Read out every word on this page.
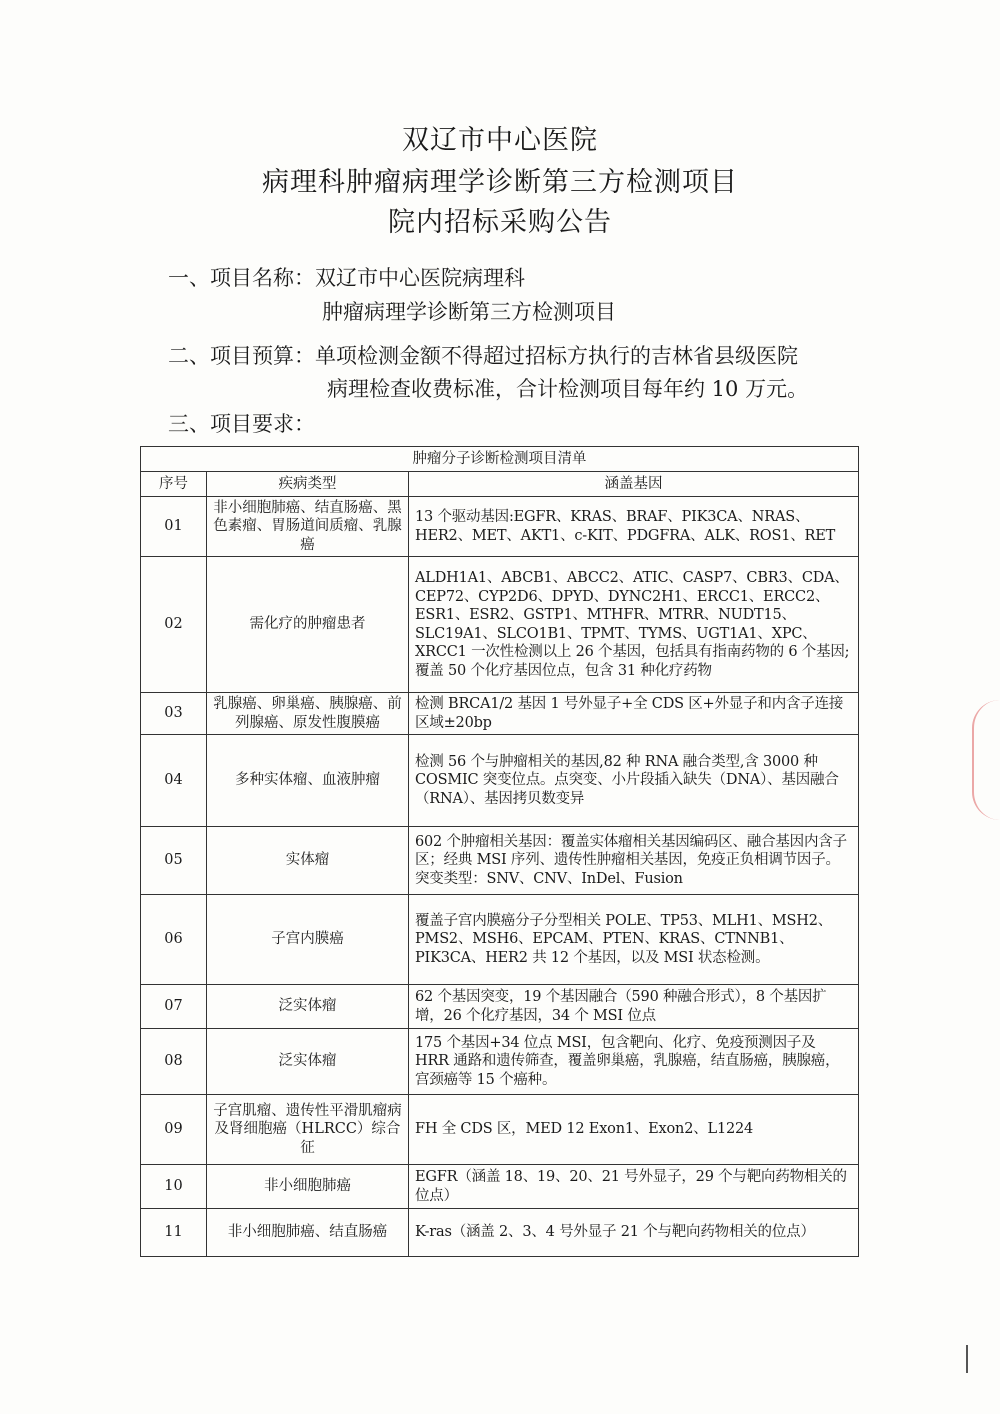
双辽市中心医院
病理科肿瘤病理学诊断第三方检测项目
院内招标采购公告
一、项目名称：双辽市中心医院病理科
肿瘤病理学诊断第三方检测项目
二、项目预算：单项检测金额不得超过招标方执行的吉林省县级医院
病理检查收费标准，合计检测项目每年约 10 万元。
三、项目要求：
肿瘤分子诊断检测项目清单		
序号	疾病类型	涵盖基因
01	非小细胞肺癌、结直肠癌、黑色素瘤、胃肠道间质瘤、乳腺癌	13 个驱动基因:EGFR、KRAS、BRAF、PIK3CA、NRAS、HER2、MET、AKT1、c-KIT、PDGFRA、ALK、ROS1、RET
02	需化疗的肿瘤患者	ALDH1A1、ABCB1、ABCC2、ATIC、CASP7、CBR3、CDA、CEP72、CYP2D6、DPYD、DYNC2H1、ERCC1、ERCC2、ESR1、ESR2、GSTP1、MTHFR、MTRR、NUDT15、SLC19A1、SLCO1B1、TPMT、TYMS、UGT1A1、XPC、XRCC1 一次性检测以上 26 个基因，包括具有指南药物的 6 个基因;覆盖 50 个化疗基因位点，包含 31 种化疗药物
03	乳腺癌、卵巢癌、胰腺癌、前列腺癌、原发性腹膜癌	检测 BRCA1/2 基因 1 号外显子+全 CDS 区+外显子和内含子连接区域±20bp
04	多种实体瘤、血液肿瘤	检测 56 个与肿瘤相关的基因,82 种 RNA 融合类型,含 3000 种 COSMIC 突变位点。点突变、小片段插入缺失（DNA）、基因融合（RNA）、基因拷贝数变异
05	实体瘤	602 个肿瘤相关基因：覆盖实体瘤相关基因编码区、融合基因内含子区；经典 MSI 序列、遗传性肿瘤相关基因，免疫正负相调节因子。突变类型：SNV、CNV、InDel、Fusion
06	子宫内膜癌	覆盖子宫内膜癌分子分型相关 POLE、TP53、MLH1、MSH2、PMS2、MSH6、EPCAM、PTEN、KRAS、CTNNB1、PIK3CA、HER2 共 12 个基因，以及 MSI 状态检测。
07	泛实体瘤	62 个基因突变，19 个基因融合（590 种融合形式），8 个基因扩增，26 个化疗基因，34 个 MSI 位点
08	泛实体瘤	175 个基因+34 位点 MSI，包含靶向、化疗、免疫预测因子及 HRR 通路和遗传筛查，覆盖卵巢癌，乳腺癌，结直肠癌，胰腺癌，宫颈癌等 15 个癌种。
09	子宫肌瘤、遗传性平滑肌瘤病及肾细胞癌（HLRCC）综合征	FH 全 CDS 区，MED 12 Exon1、Exon2、L1224
10	非小细胞肺癌	EGFR（涵盖 18、19、20、21 号外显子，29 个与靶向药物相关的位点）
11	非小细胞肺癌、结直肠癌	K-ras（涵盖 2、3、4 号外显子 21 个与靶向药物相关的位点）
